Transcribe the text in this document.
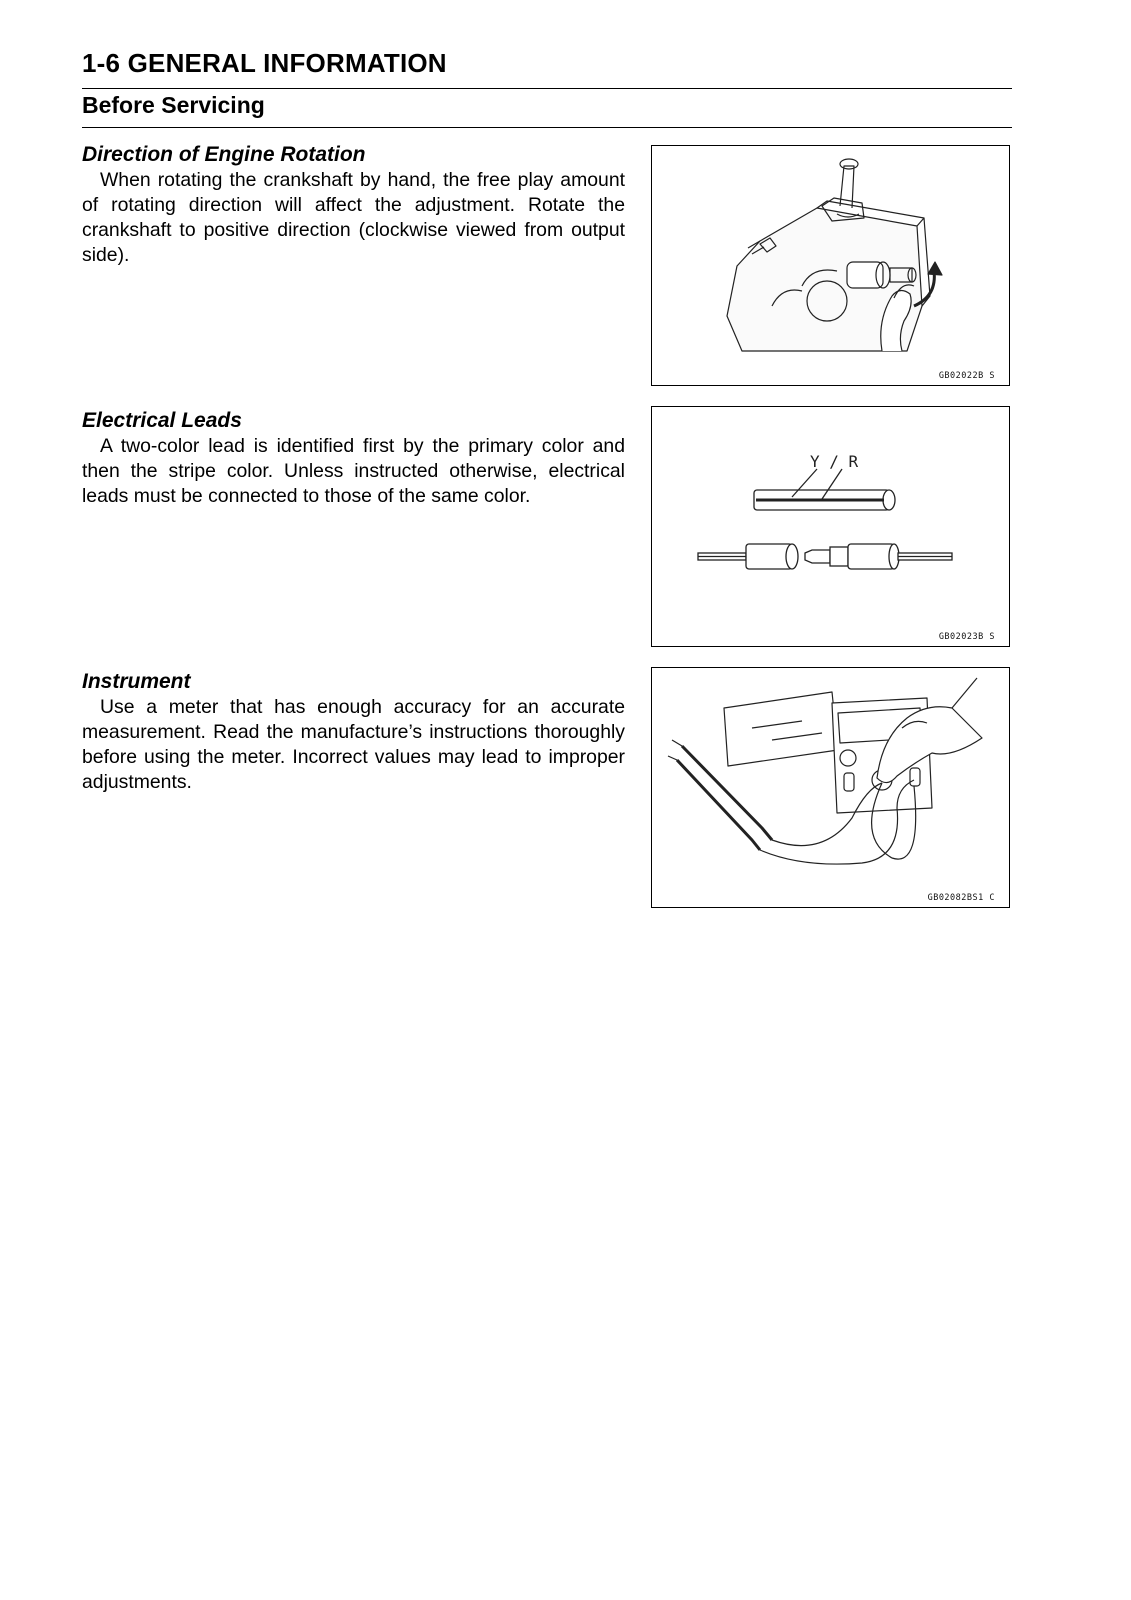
1-6 GENERAL INFORMATION
Before Servicing
Direction of Engine Rotation

When rotating the crankshaft by hand, the free play amount of rotating direction will affect the adjustment. Rotate the crankshaft to positive direction (clockwise viewed from output side).

GB02022B S
Electrical Leads

A two-color lead is identified first by the primary color and then the stripe color. Unless instructed otherwise, electrical leads must be connected to those of the same color.

Y / R
GB02023B S
Instrument

Use a meter that has enough accuracy for an accurate measurement. Read the manufacture’s instructions thoroughly before using the meter. Incorrect values may lead to improper adjustments.

GB02082BS1 C
